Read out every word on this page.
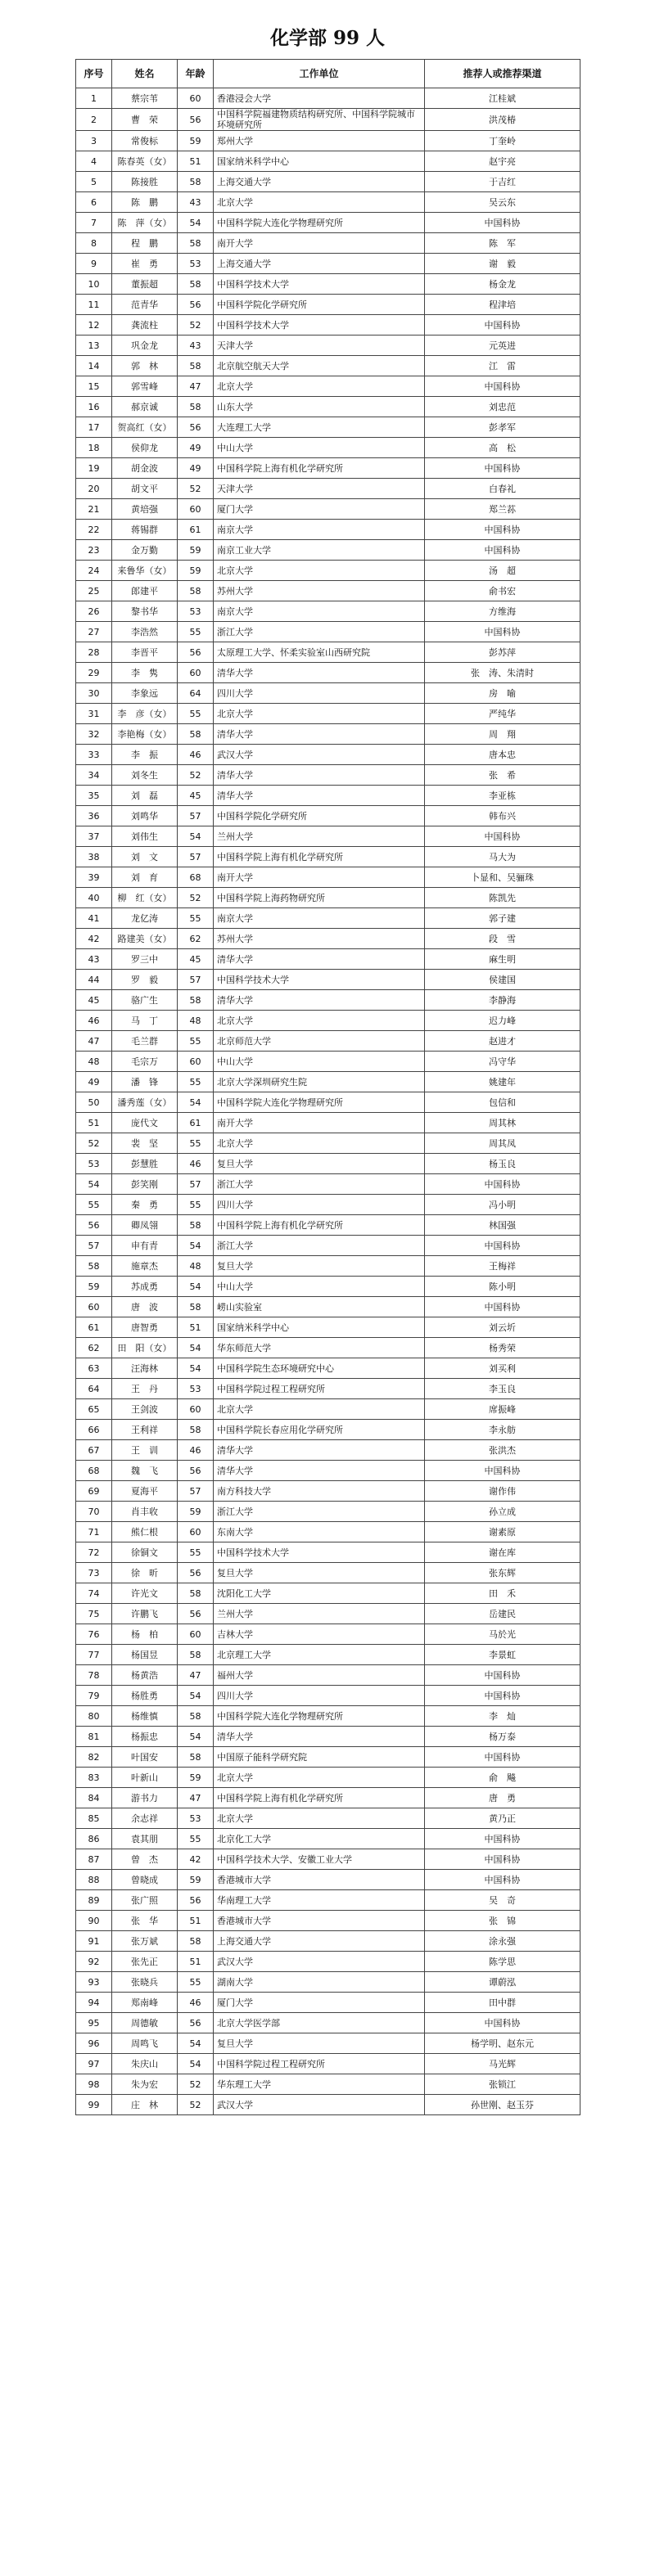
化学部 99 人
序号	姓名	年龄	工作单位	推荐人或推荐渠道
1	蔡宗苇	60	香港浸会大学	江桂斌
2	曹　荣	56	中国科学院福建物质结构研究所、中国科学院城市环境研究所	洪茂椿
3	常俊标	59	郑州大学	丁奎岭
4	陈春英（女）	51	国家纳米科学中心	赵宇亮
5	陈接胜	58	上海交通大学	于吉红
6	陈　鹏	43	北京大学	吴云东
7	陈　萍（女）	54	中国科学院大连化学物理研究所	中国科协
8	程　鹏	58	南开大学	陈　军
9	崔　勇	53	上海交通大学	谢　毅
10	董振超	58	中国科学技术大学	杨金龙
11	范青华	56	中国科学院化学研究所	程津培
12	龚流柱	52	中国科学技术大学	中国科协
13	巩金龙	43	天津大学	元英进
14	郭　林	58	北京航空航天大学	江　雷
15	郭雪峰	47	北京大学	中国科协
16	郝京诚	58	山东大学	刘忠范
17	贺高红（女）	56	大连理工大学	彭孝军
18	侯仰龙	49	中山大学	高　松
19	胡金波	49	中国科学院上海有机化学研究所	中国科协
20	胡文平	52	天津大学	白春礼
21	黄培强	60	厦门大学	郑兰荪
22	蒋锡群	61	南京大学	中国科协
23	金万勤	59	南京工业大学	中国科协
24	来鲁华（女）	59	北京大学	汤　超
25	郎建平	58	苏州大学	俞书宏
26	黎书华	53	南京大学	方维海
27	李浩然	55	浙江大学	中国科协
28	李晋平	56	太原理工大学、怀柔实验室山西研究院	彭苏萍
29	李　隽	60	清华大学	张　涛、朱清时
30	李象远	64	四川大学	房　喻
31	李　彦（女）	55	北京大学	严纯华
32	李艳梅（女）	58	清华大学	周　翔
33	李　振	46	武汉大学	唐本忠
34	刘冬生	52	清华大学	张　希
35	刘　磊	45	清华大学	李亚栋
36	刘鸣华	57	中国科学院化学研究所	韩布兴
37	刘伟生	54	兰州大学	中国科协
38	刘　文	57	中国科学院上海有机化学研究所	马大为
39	刘　育	68	南开大学	卜显和、吴骊珠
40	柳　红（女）	52	中国科学院上海药物研究所	陈凯先
41	龙亿涛	55	南京大学	郭子建
42	路建美（女）	62	苏州大学	段　雪
43	罗三中	45	清华大学	麻生明
44	罗　毅	57	中国科学技术大学	侯建国
45	骆广生	58	清华大学	李静海
46	马　丁	48	北京大学	迟力峰
47	毛兰群	55	北京师范大学	赵进才
48	毛宗万	60	中山大学	冯守华
49	潘　锋	55	北京大学深圳研究生院	姚建年
50	潘秀莲（女）	54	中国科学院大连化学物理研究所	包信和
51	庞代文	61	南开大学	周其林
52	裴　坚	55	北京大学	周其凤
53	彭慧胜	46	复旦大学	杨玉良
54	彭笑刚	57	浙江大学	中国科协
55	秦　勇	55	四川大学	冯小明
56	卿凤翎	58	中国科学院上海有机化学研究所	林国强
57	申有青	54	浙江大学	中国科协
58	施章杰	48	复旦大学	王梅祥
59	苏成勇	54	中山大学	陈小明
60	唐　波	58	崂山实验室	中国科协
61	唐智勇	51	国家纳米科学中心	刘云圻
62	田　阳（女）	54	华东师范大学	杨秀荣
63	汪海林	54	中国科学院生态环境研究中心	刘买利
64	王　丹	53	中国科学院过程工程研究所	李玉良
65	王剑波	60	北京大学	席振峰
66	王利祥	58	中国科学院长春应用化学研究所	李永舫
67	王　训	46	清华大学	张洪杰
68	魏　飞	56	清华大学	中国科协
69	夏海平	57	南方科技大学	谢作伟
70	肖丰收	59	浙江大学	孙立成
71	熊仁根	60	东南大学	谢素原
72	徐铜文	55	中国科学技术大学	谢在库
73	徐　昕	56	复旦大学	张东辉
74	许光文	58	沈阳化工大学	田　禾
75	许鹏飞	56	兰州大学	岳建民
76	杨　柏	60	吉林大学	马於光
77	杨国昱	58	北京理工大学	李景虹
78	杨黄浩	47	福州大学	中国科协
79	杨胜勇	54	四川大学	中国科协
80	杨维慎	58	中国科学院大连化学物理研究所	李　灿
81	杨振忠	54	清华大学	杨万泰
82	叶国安	58	中国原子能科学研究院	中国科协
83	叶新山	59	北京大学	俞　飚
84	游书力	47	中国科学院上海有机化学研究所	唐　勇
85	余志祥	53	北京大学	黄乃正
86	袁其朋	55	北京化工大学	中国科协
87	曾　杰	42	中国科学技术大学、安徽工业大学	中国科协
88	曾晓成	59	香港城市大学	中国科协
89	张广照	56	华南理工大学	吴　奇
90	张　华	51	香港城市大学	张　锦
91	张万斌	58	上海交通大学	涂永强
92	张先正	51	武汉大学	陈学思
93	张晓兵	55	湖南大学	谭蔚泓
94	郑南峰	46	厦门大学	田中群
95	周德敏	56	北京大学医学部	中国科协
96	周鸣飞	54	复旦大学	杨学明、赵东元
97	朱庆山	54	中国科学院过程工程研究所	马光辉
98	朱为宏	52	华东理工大学	张锁江
99	庄　林	52	武汉大学	孙世刚、赵玉芬
